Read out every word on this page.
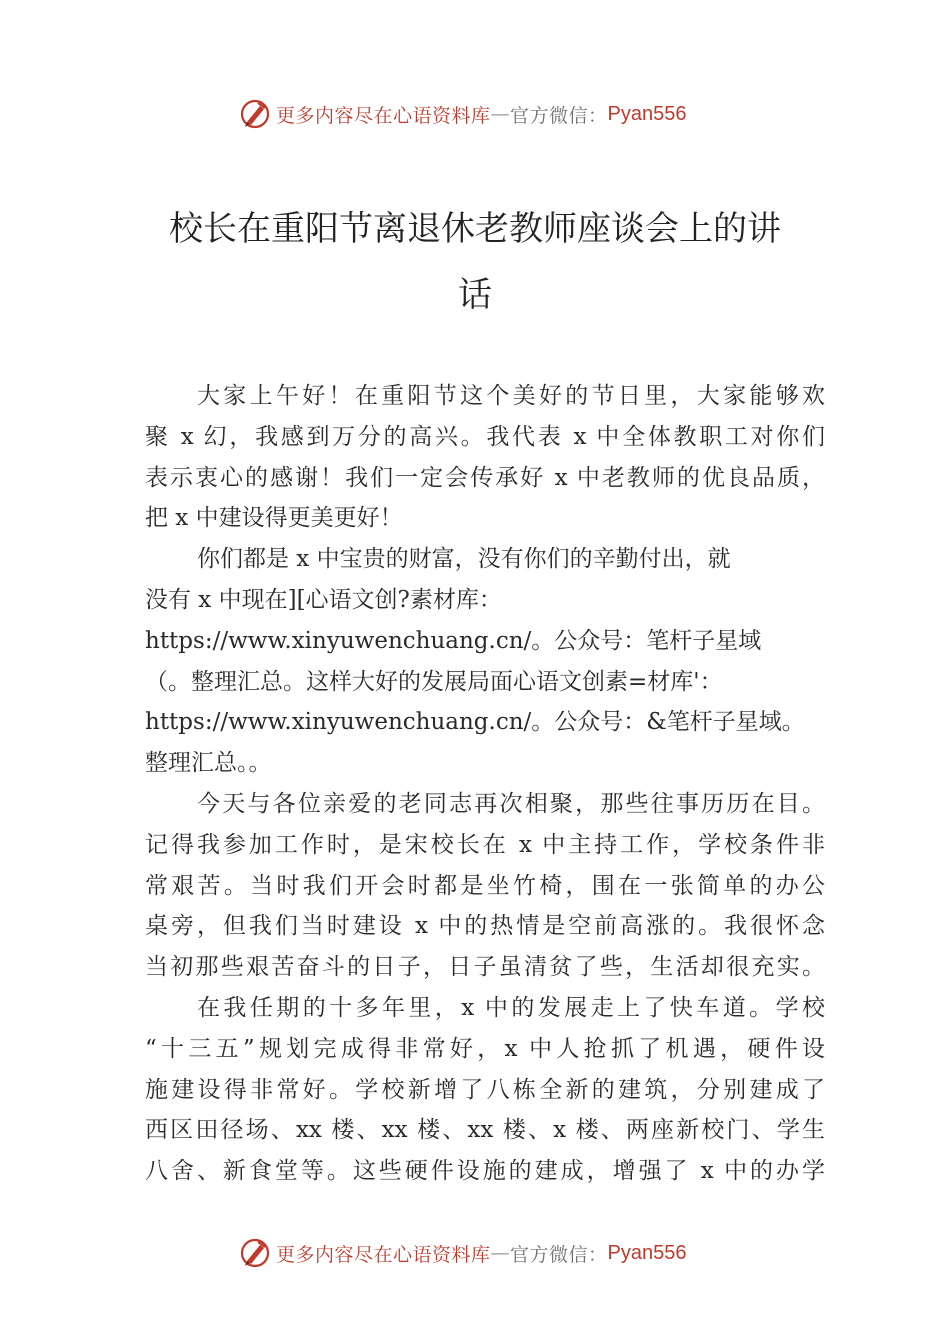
更多内容尽在心语资料库 — 官方微信： Pyan556
校长在重阳节离退休老教师座谈会上的讲
话
大家上午好！在重阳节这个美好的节日里，大家能够欢
聚 x 幻，我感到万分的高兴。我代表 x 中全体教职工对你们
表示衷心的感谢！我们一定会传承好 x 中老教师的优良品质，
把 x 中建设得更美更好！
你们都是 x 中宝贵的财富，没有你们的辛勤付出，就
没有 x 中现在][心语文创?素材库：
https://www.xinyuwenchuang.cn/。公众号：笔杆子星域
（。整理汇总。这样大好的发展局面心语文创素=材库'：
https://www.xinyuwenchuang.cn/。公众号：&笔杆子星域。
整理汇总。。
今天与各位亲爱的老同志再次相聚，那些往事历历在目。
记得我参加工作时，是宋校长在 x 中主持工作，学校条件非
常艰苦。当时我们开会时都是坐竹椅，围在一张简单的办公
桌旁，但我们当时建设 x 中的热情是空前高涨的。我很怀念
当初那些艰苦奋斗的日子，日子虽清贫了些，生活却很充实。
在我任期的十多年里，x 中的发展走上了快车道。学校
“十三五”规划完成得非常好，x 中人抢抓了机遇，硬件设
施建设得非常好。学校新增了八栋全新的建筑，分别建成了
西区田径场、xx 楼、xx 楼、xx 楼、x 楼、两座新校门、学生
八舍、新食堂等。这些硬件设施的建成，增强了 x 中的办学
更多内容尽在心语资料库 — 官方微信： Pyan556
